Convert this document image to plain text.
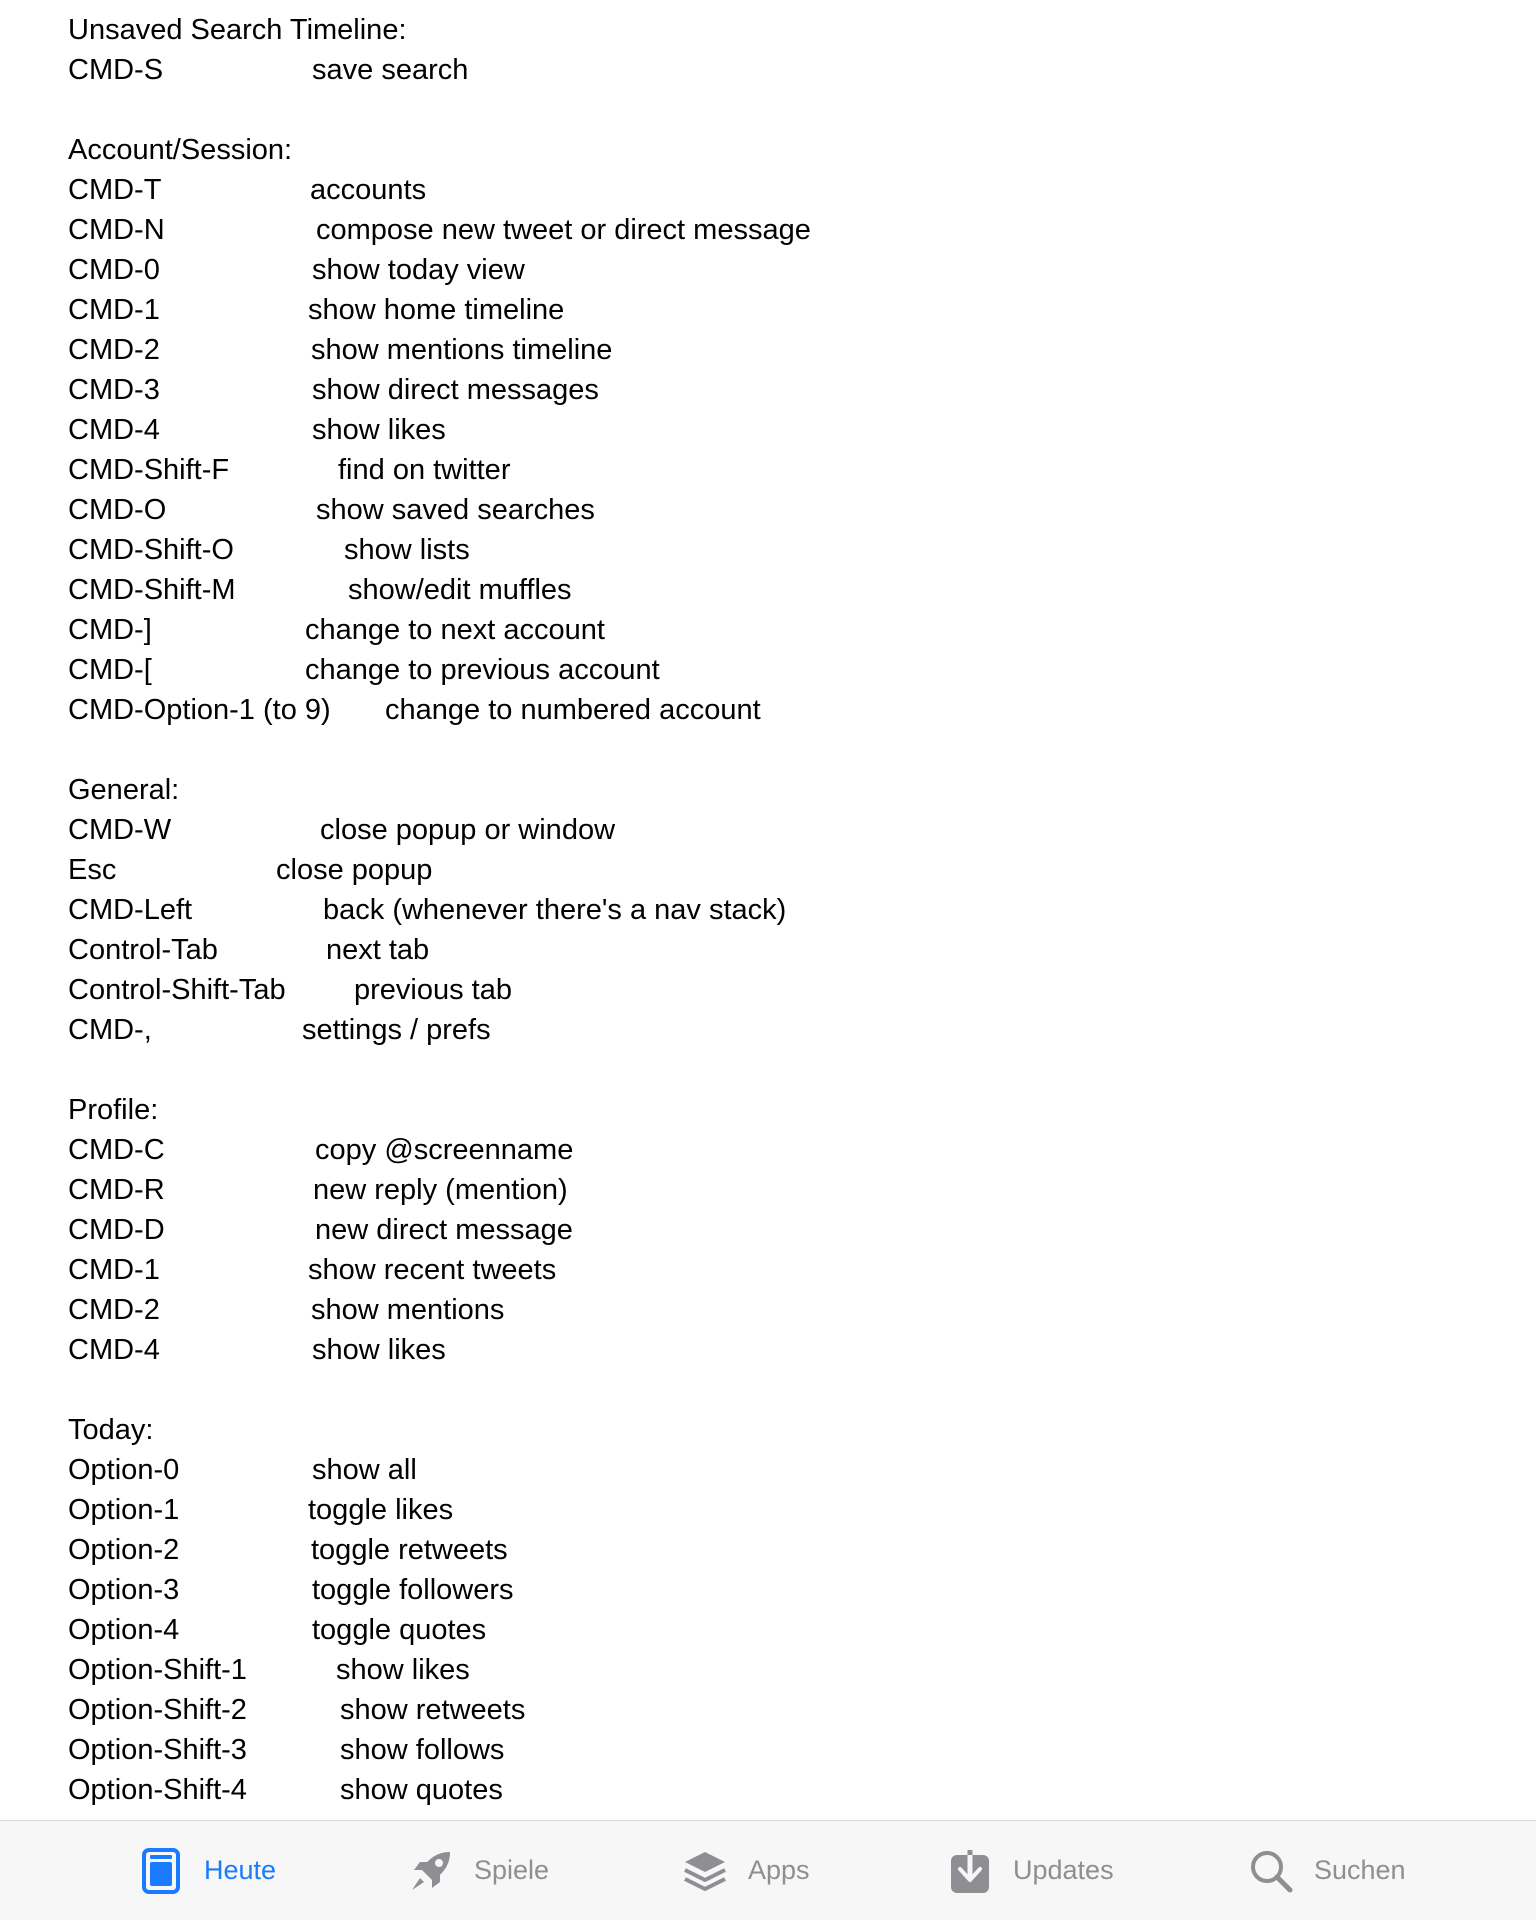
Unsaved Search Timeline:
CMD-S	save search
Account/Session:
CMD-T	accounts
CMD-N	compose new tweet or direct message
CMD-0	show today view
CMD-1	show home timeline
CMD-2	show mentions timeline
CMD-3	show direct messages
CMD-4	show likes
CMD-Shift-F	find on twitter
CMD-O	show saved searches
CMD-Shift-O	show lists
CMD-Shift-M	show/edit muffles
CMD-]	change to next account
CMD-[	change to previous account
CMD-Option-1 (to 9) change to numbered account
General:
CMD-W	close popup or window
Esc	close popup
CMD-Left	back (whenever there's a nav stack)
Control-Tab	next tab
Control-Shift-Tab previous tab
CMD-,	settings / prefs
Profile:
CMD-C	copy @screenname
CMD-R	new reply (mention)
CMD-D	new direct message
CMD-1	show recent tweets
CMD-2	show mentions
CMD-4	show likes
Today:
Option-0	show all
Option-1	toggle likes
Option-2	toggle retweets
Option-3	toggle followers
Option-4	toggle quotes
Option-Shift-1	show likes
Option-Shift-2	show retweets
Option-Shift-3	show follows
Option-Shift-4	show quotes
Heute	Spiele	Apps	Updates	Suchen
